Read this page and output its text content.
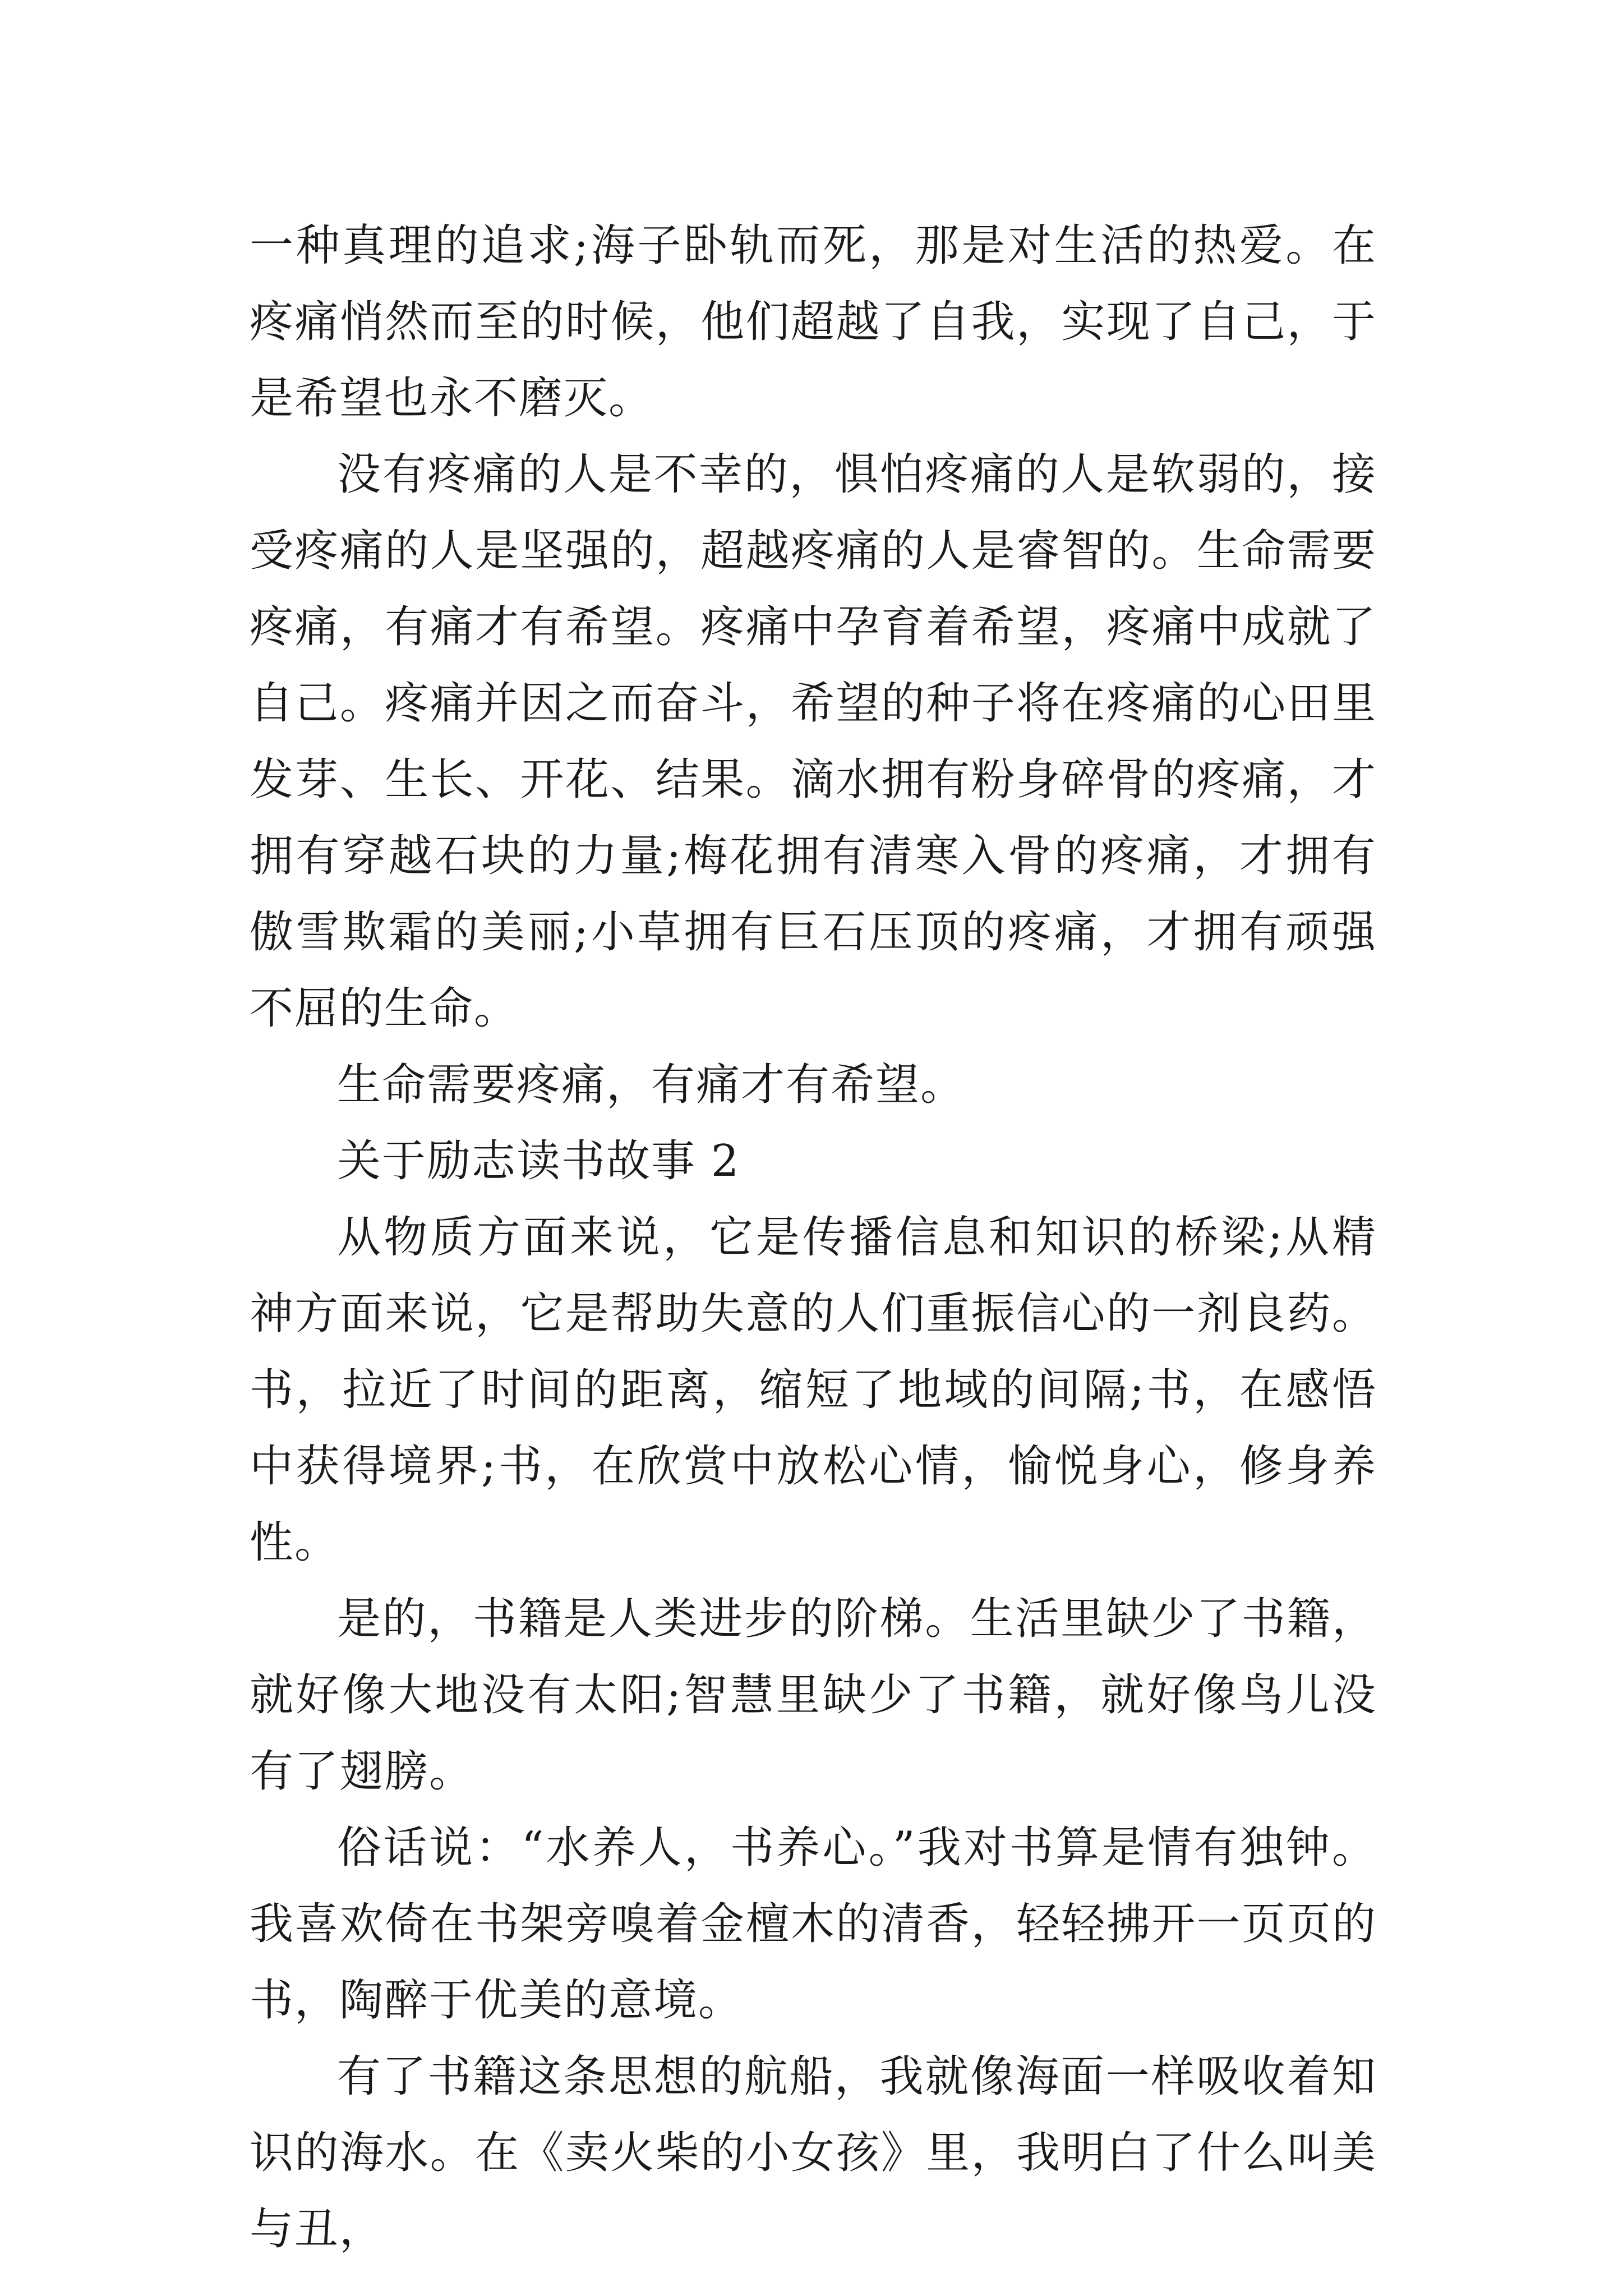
一种真理的追求;海子卧轨而死，那是对生活的热爱。在疼痛悄然而至的时候，他们超越了自我，实现了自己，于是希望也永不磨灭。

没有疼痛的人是不幸的，惧怕疼痛的人是软弱的，接受疼痛的人是坚强的，超越疼痛的人是睿智的。生命需要疼痛，有痛才有希望。疼痛中孕育着希望，疼痛中成就了自己。疼痛并因之而奋斗，希望的种子将在疼痛的心田里发芽、生长、开花、结果。滴水拥有粉身碎骨的疼痛，才拥有穿越石块的力量;梅花拥有清寒入骨的疼痛，才拥有傲雪欺霜的美丽;小草拥有巨石压顶的疼痛，才拥有顽强不屈的生命。

生命需要疼痛，有痛才有希望。

关于励志读书故事 2

从物质方面来说，它是传播信息和知识的桥梁;从精神方面来说，它是帮助失意的人们重振信心的一剂良药。书，拉近了时间的距离，缩短了地域的间隔;书，在感悟中获得境界;书，在欣赏中放松心情，愉悦身心，修身养性。

是的，书籍是人类进步的阶梯。生活里缺少了书籍，就好像大地没有太阳;智慧里缺少了书籍，就好像鸟儿没有了翅膀。

俗话说：“水养人，书养心。”我对书算是情有独钟。我喜欢倚在书架旁嗅着金檀木的清香，轻轻拂开一页页的书，陶醉于优美的意境。

有了书籍这条思想的航船，我就像海面一样吸收着知识的海水。在《卖火柴的小女孩》里，我明白了什么叫美与丑，
